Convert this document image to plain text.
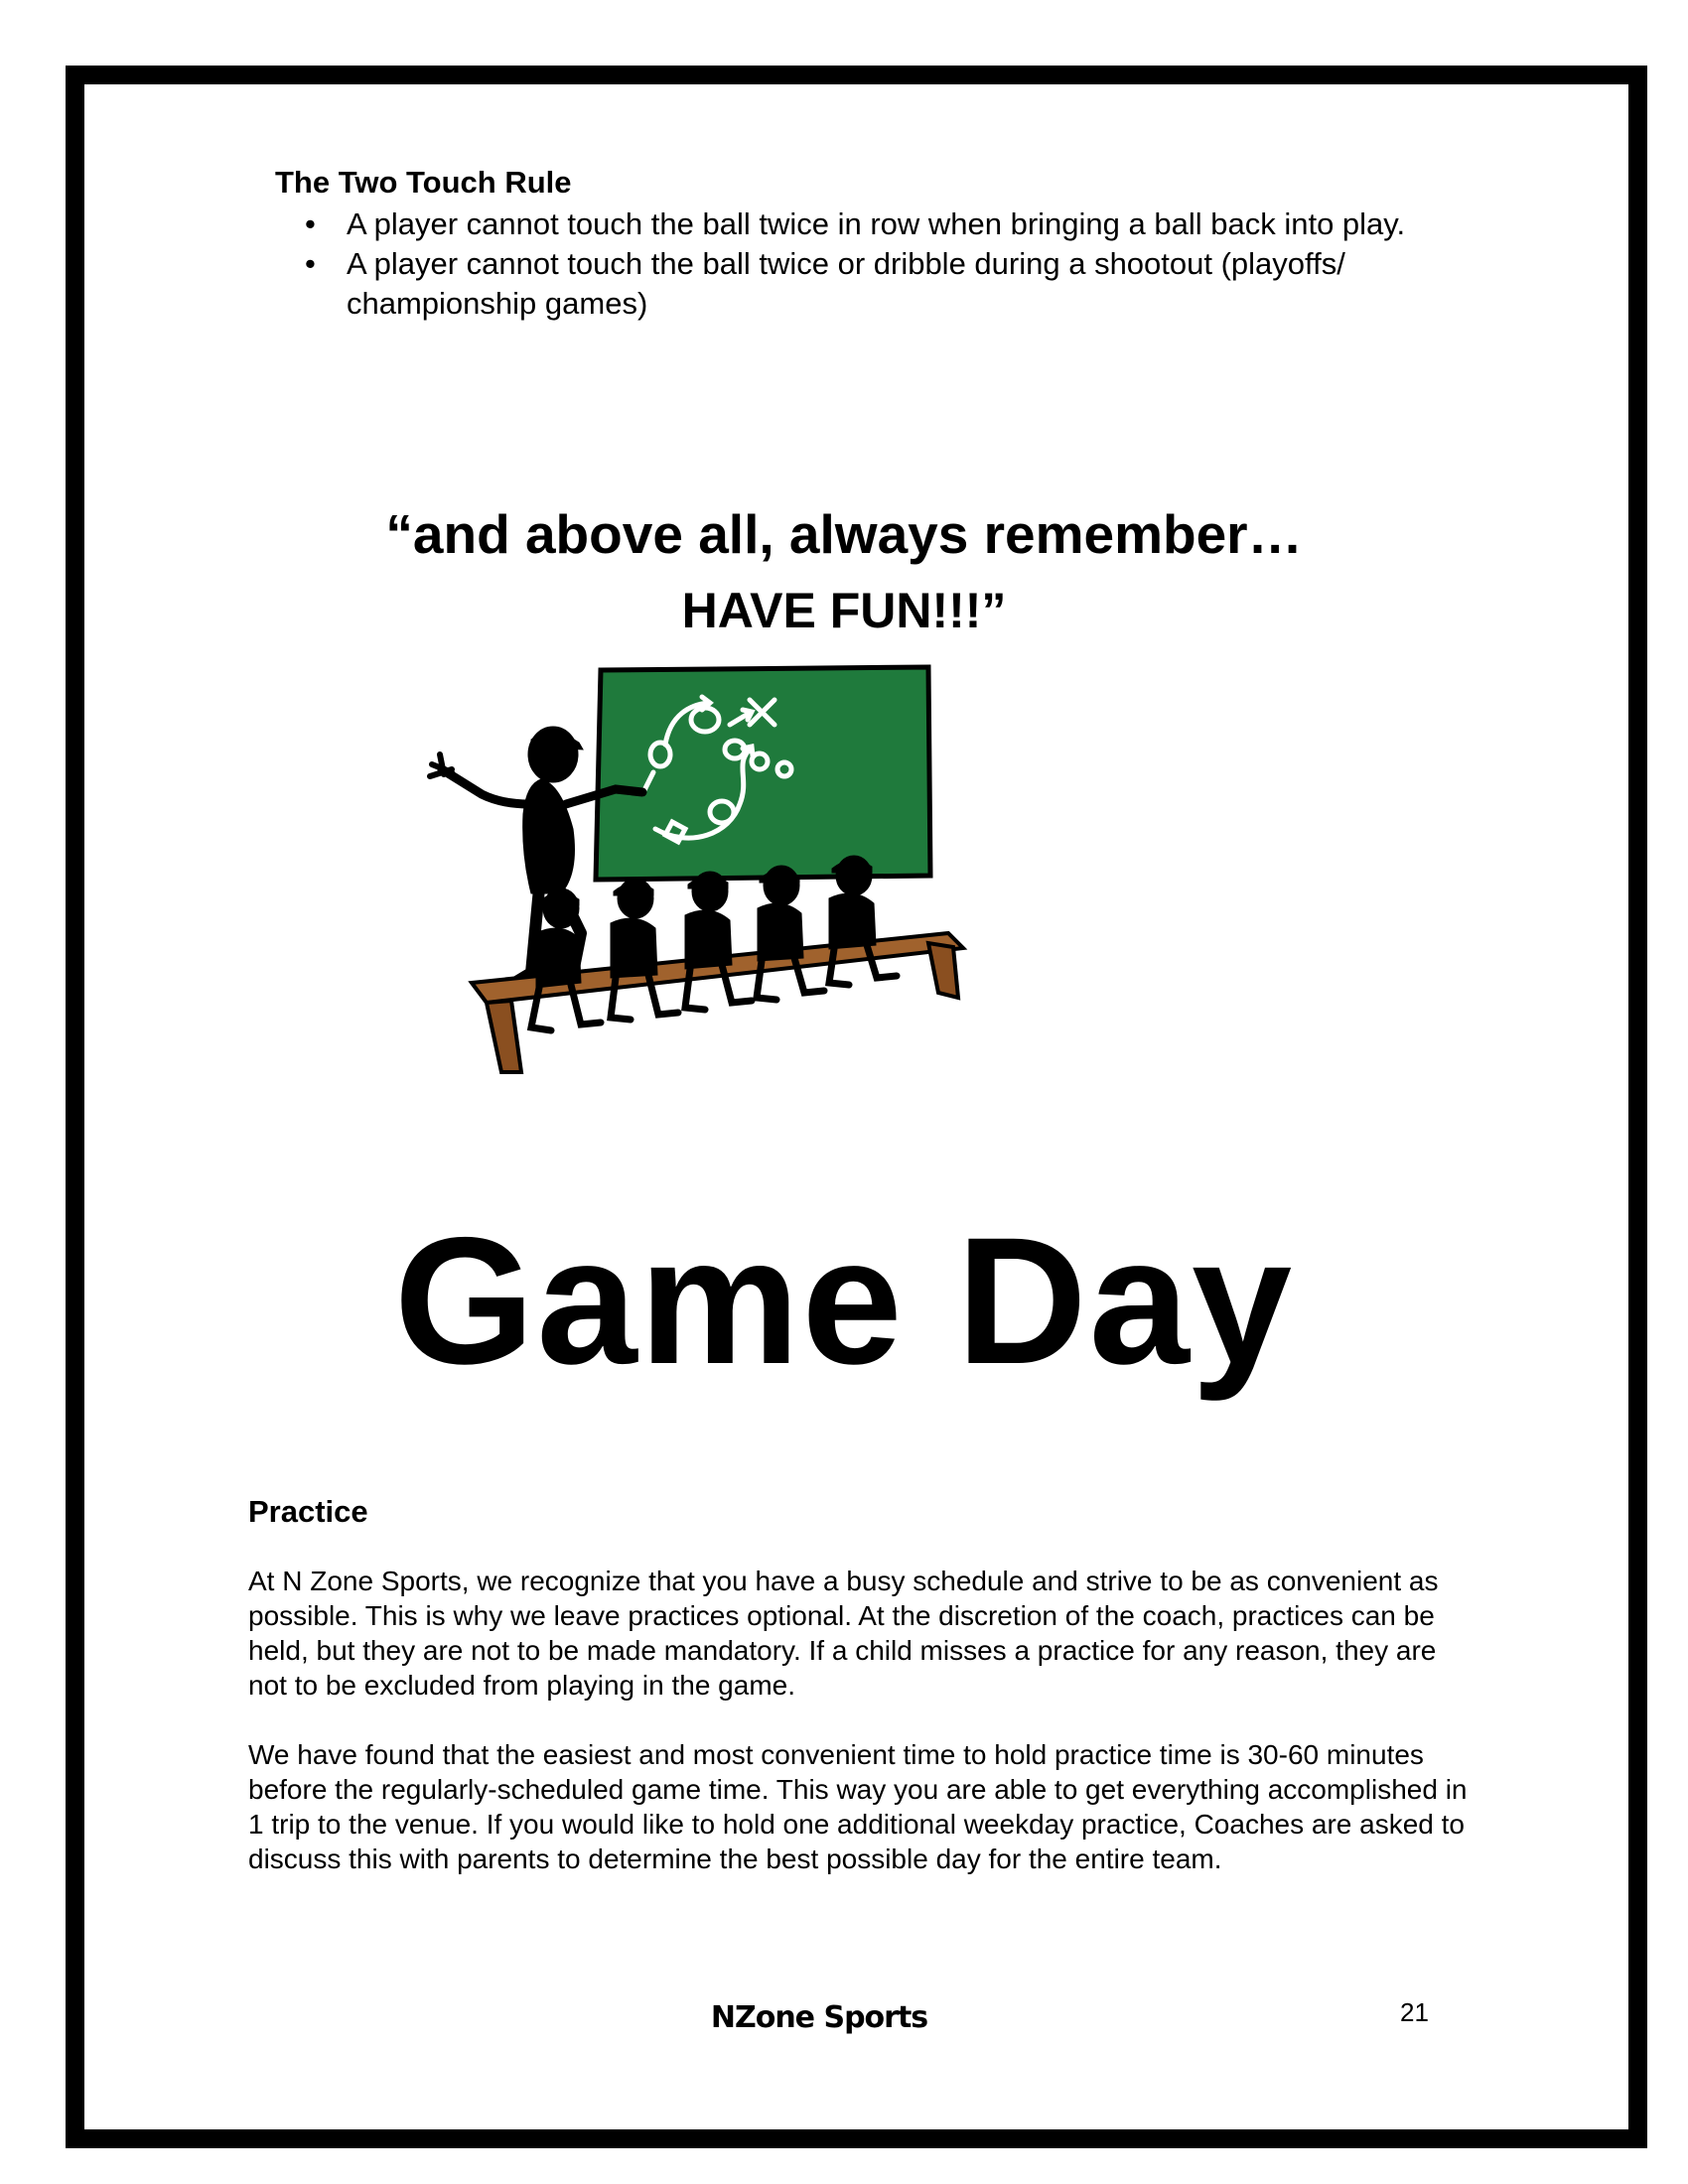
The Two Touch Rule
• A player cannot touch the ball twice in row when bringing a ball back into play.
• A player cannot touch the ball twice or dribble during a shootout (playoffs/ championship games)
“and above all, always remember…
HAVE FUN!!!”
Game Day
Practice
At N Zone Sports, we recognize that you have a busy schedule and strive to be as convenient as possible. This is why we leave practices optional. At the discretion of the coach, practices can be held, but they are not to be made mandatory. If a child misses a practice for any reason, they are not to be excluded from playing in the game.
We have found that the easiest and most convenient time to hold practice time is 30-60 minutes before the regularly-scheduled game time. This way you are able to get everything accomplished in 1 trip to the venue. If you would like to hold one additional weekday practice, Coaches are asked to discuss this with parents to determine the best possible day for the entire team.
NZone Sports	21
